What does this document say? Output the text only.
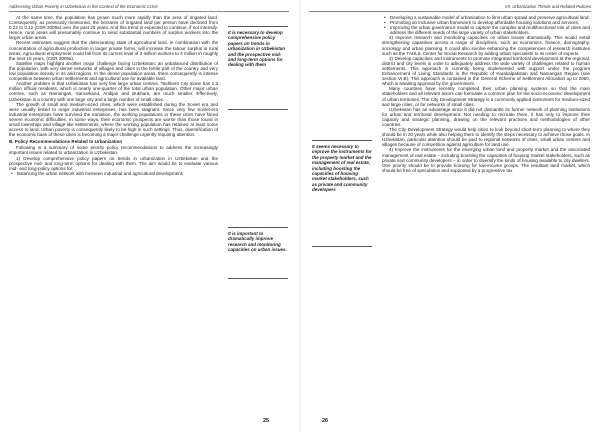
Addressing Urban Poverty in Uzbekistan in the Context of the Economic Crisis

At the same time, the population has grown much more rapidly than the area of irrigated land. Consequently, as previously mentioned, the hectares of irrigated land per person have declined from 0.22 to 0.12 (CER 2009a) over the past 25 years. And this trend is expected to continue, if not intensify. Hence, rural areas will presumably continue to send substantial numbers of surplus workers into the larger urban areas.

Recent estimates suggest that the deteriorating state of agricultural land, in combination with the concentration of agricultural production in larger private farms, will increase the labour surplus in rural areas. Agricultural employment could fall from its current level of 3 million workers to 2 million in roughly the next 15 years, (CER 2009a).

Satellite maps highlight another major challenge facing Uzbekistan: an unbalanced distribution of the population, with very dense networks of villages and cities in the fertile part of the country and very low population density in its arid regions. In the dense population areas, there consequently is intense competition between urban settlements and agricultural use for available land.

Another problem is that Uzbekistan has very few large urban centres. Tashkent City alone has 2.3 million official residents, which is nearly one-quarter of the total urban population. Other major urban centres, such as Namangan, Samarkand, Andijan and Bukhara, are much smaller. Effectively, Uzbekistan is a country with one large city and a large number of small cities.

The growth of small and medium-sized cities, which were established during the Soviet era and were usually linked to major industrial enterprises, has been stagnant. Since very few Soviet-era industrial enterprises have survived the transition, the working populations in these cities have faced severe economic difficulties. In some ways, their economic prospects are worse than those found in small townships and village-like settlements, where the working population has retained at least some access to land. Urban poverty is consequently likely to be high in such settings. Thus, diversification of the economic base of these cities is becoming a major challenge urgently requiring attention.

B. Policy Recommendations Related to Urbanization

Following is a summary of some priority policy recommendations to address the increasingly important issues related to urbanization in Uzbekistan.

1) Develop comprehensive policy papers on trends in urbanization in Uzbekistan and the prospective mid- and long-term options for dealing with them. The aim would be to evaluate various mid- and long-policy options for:

• Balancing the urban network with foreseen industrial and agricultural development;

It is necessary to develop comprehensive policy papers on trends in urbanization in Uzbekistan and the prospective mid- and long-term options for dealing with them
It is important to dramatically improve research and monitoring capacities on urban issues.
25
VII. Urbanization Trends and Related Policies
It seems necessary to improve the instruments for the property market and the management of real estate, including boosting the capacities of housing market stakeholders, such as private and community developers

• Developing a sustainable model of urbanisation to limit urban sprawl and preserve agricultural land;

• Promoting an inclusive urban framework to develop affordable housing solutions and services;

• Improving the urban governance model to capture the complex and multifunctional role of cities and address the different needs of the large variety of urban stakeholders.

2) Improve research and monitoring capacities on urban issues dramatically. This would entail strengthening capacities across a range of disciplines, such as economics, finance, demography, sociology and urban planning. It could also involve enhancing the competencies of research institutes such as the TAHLIL Center for Social Research by adding urban specialists to its roster of experts.

3) Develop capacities and instruments to promote integrated territorial development at the regional, district and city levels in order to adequately address the wide variety of challenges related to human settlements. This approach is currently being implemented with support under the program Enhancement of Living Standards in the Republic of Karakalpakstan and Namangan Region (see section VI.B). This approach is contained in the General Scheme of Settlement Allocation up to 2050, which is awaiting approval by the government.

Many countries have recently completed their urban planning systems so that the main stakeholders and all relevant actors can formulate a common plan for the socio-economic development of urban territories. The City Development Strategy is a commonly applied instrument for medium-sized and large cities, or for networks of small cities.

Uzbekistan has an advantage since it did not dismantle its former network of planning institutions for urban and territorial development. Not needing to recreate them, it has only to improve their capacity and strategic planning, drawing on the relevant practices and methodologies of other countries.

The City Development Strategy would help cities to look beyond short-term planning to where they should be in 20 years while also helping them to identify the steps necessary to achieve those goals. In Uzbekistan, particular attention should be paid to regional networks of cities, small urban centers and villages because of competition against agriculture for land use.

4) Improve the instruments for the emerging urban land and property market and the associated management of real estate – including boosting the capacities of housing market stakeholders, such as private and community developers – in order to diversify the kinds of housing available to city dwellers. One priority should be to provide housing for low-income groups. The resultant land market, which should be free of speculation and supported by a progressive tax

26
